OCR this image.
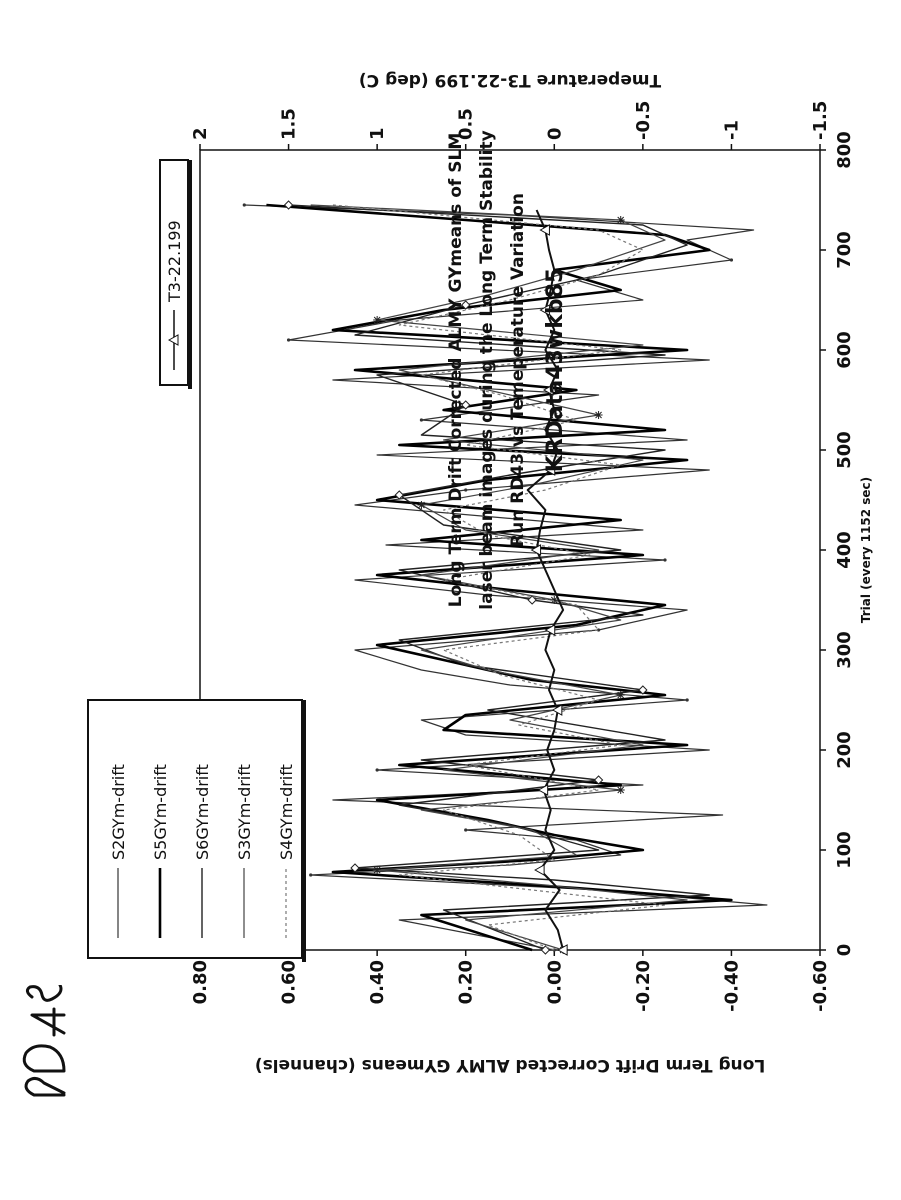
0
100
200
300
400
500
600
700
800
-0.60
-0.40
-0.20
0.00
0.20
0.40
0.60
0.80
2	1.5	1	0.5	0	-0.5	-1	-1.5
Trial (every 1152 sec)
Long Term Drift Corrected ALMY GYmeans (channels)
Tmeperature T3-22.199 (deg C)
Long Term Drift Corrected ALMY GYmeans of SLM laser beam images during the Long Term Stability Run RD43 vs Temeperature Variation KRData43wkb85
S2GYm-drift S5GYm-drift S6GYm-drift S3GYm-drift S4GYm-drift
T3-22.199
